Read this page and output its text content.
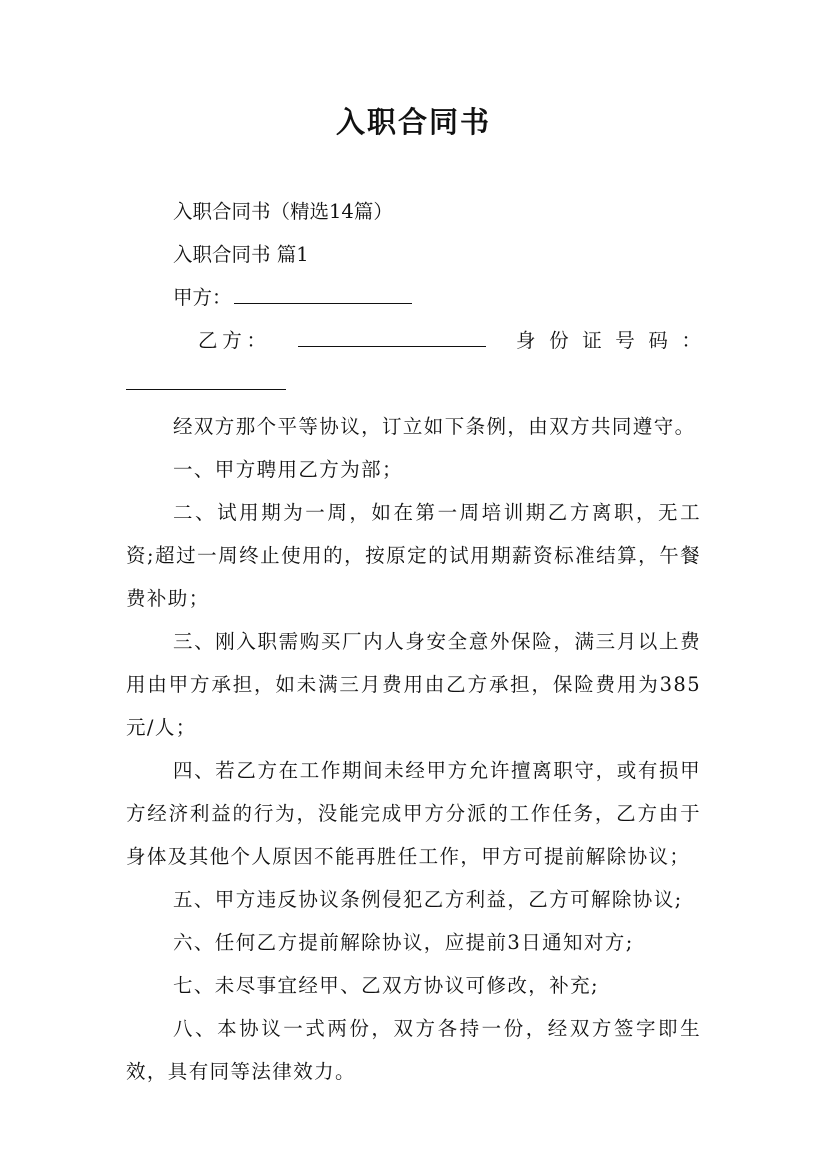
入职合同书
入职合同书（精选14篇）
入职合同书 篇1
甲方：
乙 方 ：	身 份 证 号 码 ：
经双方那个平等协议，订立如下条例，由双方共同遵守。
一、甲方聘用乙方为部；
二、试用期为一周，如在第一周培训期乙方离职，无工资;超过一周终止使用的，按原定的试用期薪资标准结算，午餐费补助；
三、刚入职需购买厂内人身安全意外保险，满三月以上费用由甲方承担，如未满三月费用由乙方承担，保险费用为385元/人；
四、若乙方在工作期间未经甲方允许擅离职守，或有损甲方经济利益的行为，没能完成甲方分派的工作任务，乙方由于身体及其他个人原因不能再胜任工作，甲方可提前解除协议；
五、甲方违反协议条例侵犯乙方利益，乙方可解除协议;
六、任何乙方提前解除协议，应提前3日通知对方;
七、未尽事宜经甲、乙双方协议可修改，补充;
八、本协议一式两份，双方各持一份，经双方签字即生效，具有同等法律效力。
